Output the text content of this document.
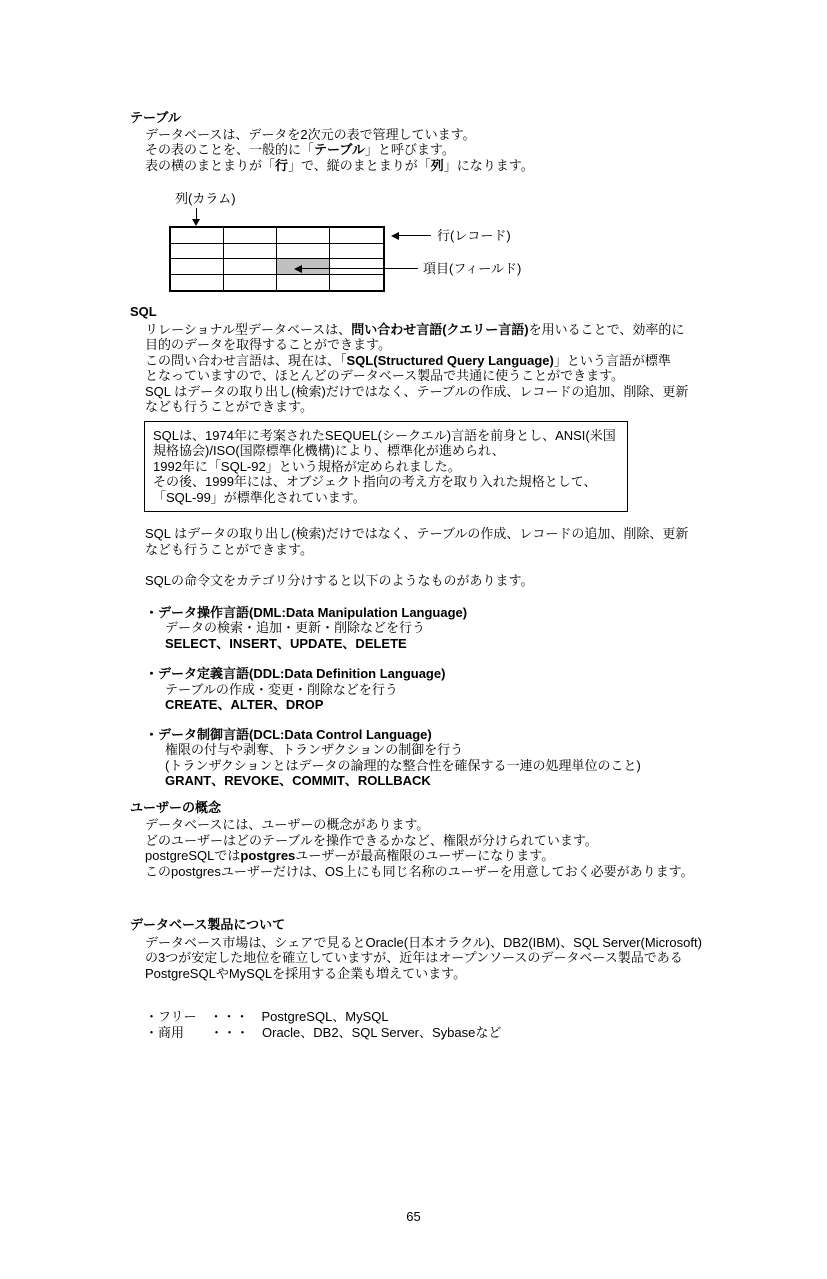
テーブル
データベースは、データを2次元の表で管理しています。
その表のことを、一般的に「テーブル」と呼びます。
表の横のまとまりが「行」で、縦のまとまりが「列」になります。
列(カラム)
行(レコード)
項目(フィールド)
SQL
リレーショナル型データベースは、問い合わせ言語(クエリー言語)を用いることで、効率的に
目的のデータを取得することができます。
この問い合わせ言語は、現在は、「SQL(Structured Query Language)」という言語が標準
となっていますので、ほとんどのデータベース製品で共通に使うことができます。
SQL はデータの取り出し(検索)だけではなく、テーブルの作成、レコードの追加、削除、更新
なども行うことができます。
SQLは、1974年に考案されたSEQUEL(シークエル)言語を前身とし、ANSI(米国
規格協会)/ISO(国際標準化機構)により、標準化が進められ、
1992年に「SQL-92」という規格が定められました。
その後、1999年には、オブジェクト指向の考え方を取り入れた規格として、
「SQL-99」が標準化されています。
SQL はデータの取り出し(検索)だけではなく、テーブルの作成、レコードの追加、削除、更新
なども行うことができます。
SQLの命令文をカテゴリ分けすると以下のようなものがあります。
・データ操作言語(DML:Data Manipulation Language)
データの検索・追加・更新・削除などを行う
SELECT、INSERT、UPDATE、DELETE
・データ定義言語(DDL:Data Definition Language)
テーブルの作成・変更・削除などを行う
CREATE、ALTER、DROP
・データ制御言語(DCL:Data Control Language)
権限の付与や剥奪、トランザクションの制御を行う
(トランザクションとはデータの論理的な整合性を確保する一連の処理単位のこと)
GRANT、REVOKE、COMMIT、ROLLBACK
ユーザーの概念
データベースには、ユーザーの概念があります。
どのユーザーはどのテーブルを操作できるかなど、権限が分けられています。
postgreSQLではpostgresユーザーが最高権限のユーザーになります。
このpostgresユーザーだけは、OS上にも同じ名称のユーザーを用意しておく必要があります。
データベース製品について
データベース市場は、シェアで見るとOracle(日本オラクル)、DB2(IBM)、SQL Server(Microsoft)
の3つが安定した地位を確立していますが、近年はオープンソースのデータベース製品である
PostgreSQLやMySQLを採用する企業も増えています。
・フリー　・・・　PostgreSQL、MySQL
・商用　　・・・　Oracle、DB2、SQL Server、Sybaseなど
65
